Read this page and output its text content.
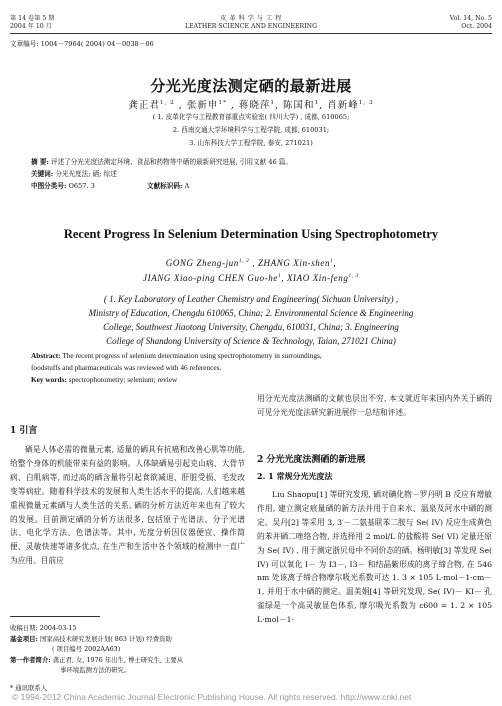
第 14 卷第 5 期
2004 年 10 月
皮 革 科 学 与 工 程
LEATHER SCIENCE AND ENGINEERING
Vol. 14, No. 5
Oct. 2004
文章编号: 1004－7964( 2004) 04－0038－06
分光光度法测定硒的最新进展
龚正君$^{1, 2}$ , 张新申$^{1*}$ , 蒋晓萍$^1$, 陈国和$^1$, 肖新峰$^{1, 3}$
( 1. 皮革化学与工程教育部重点实验室( 四川大学) , 成都, 610065;
2. 西南交通大学环境科学与工程学院, 成都, 610031;
3. 山东科技大学工程学院, 泰安, 271021)
摘 要: 评述了分光光度法测定环境、食品和药物等中硒的最新研究进展, 引用文献 46 篇。
关键词: 分光光度法; 硒; 综述
中图分类号: O657. 3	文献标识码: A
Recent Progress In Selenium Determination Using Spectrophotometry
GONG Zheng-jun$^{1, 2}$ , ZHANG Xin-shen$^1$,
JIANG Xiao-ping CHEN Guo-$he^1$, XIAO Xin-feng$^{1, 3}$
( 1. Key Laboratory of Leather Chemistry and Engineering( Sichuan University) ,
Ministry of Education, Chengdu 610065, China; 2. Environmental Science & Engineering
College, Southwest Jiaotong University, Chengdu, 610031, China; 3. Engineering
College of Shandong University of Science & Technology, Taian, 271021 China)
Abstract: The recent progress of selenium determination using spectrophotometry in surroundings,
foodstuffs and pharmaceuticals was reviewed with 46 references.
Key words: spectrophotometry; selenium; review
1 引言

硒是人体必需的微量元素, 适量的硒具有抗癌和改善心肌等功能, 给整个身体的机能带来有益的影响。人体缺硒易引起克山病、大骨节病、白肌病等, 而过高的硒含量将引起食欲减退、肝脏受损、毛发改变等病症。随着科学技术的发展和人类生活水平的提高, 人们越来越重视微量元素硒与人类生活的关系, 硒的分析方法近年来也有了较大的发展。目前测定硒的分析方法很多, 包括原子光谱法、分子光谱法、电化学方法、色谱法等。其中, 光度分析因仪器便宜、操作简便、灵敏快速等诸多优点, 在生产和生活中各个领域的检测中一直广为应用。目前应

收稿日期: 2004-03-15
基金项目: 国家高技术研究发展计划( 863 计划) 经费资助
( 项目编号 2002AA63)
第一作者简介: 龚正君, 女, 1976 年出生, 博士研究生, 主要从
事环境监测方法的研究。
* 通讯联系人

用分光光度法测硒的文献也层出不穷, 本文就近年来国内外关于硒的可见分光光度法研究新进展作一总结和评述。

2 分光光度法测硒的新进展
2. 1 常规分光光度法

Liu Shaopu[1] 等研究发现, 硒对碘化物－罗丹明 B 反应有增敏作用, 建立测定痕量硒的新方法并用于自来水、温泉及河水中硒的测定。吴丹[2] 等采用 3, 3′－二氨基联苯二胺与 Se( IV) 反应生成黄色的苯并硒二唑络合物, 并选择用 2 mol/L 的盐酸将 Se( VI) 定量还原为 Se( IV) , 用于测定浙贝母中不同价态的硒。杨明敏[3] 等发现 Se( IV) 可以氧化 I－ 为 I3－, I3－ 和结晶紫形成的离子缔合物, 在 546 nm 处该离子缔合物摩尔吸光系数可达 1. 3 × 105 L·mol－1·cm－1, 并用于水中硒的测定。温美娟[4] 等研究发现, Se( IV)－ KI－ 孔雀绿是一个高灵敏显色体系, 摩尔吸光系数为 ε600 = 1. 2 × 105 L·mol－1·

© 1994-2012 China Academic Journal Electronic Publishing House. All rights reserved. http://www.cnki.net
